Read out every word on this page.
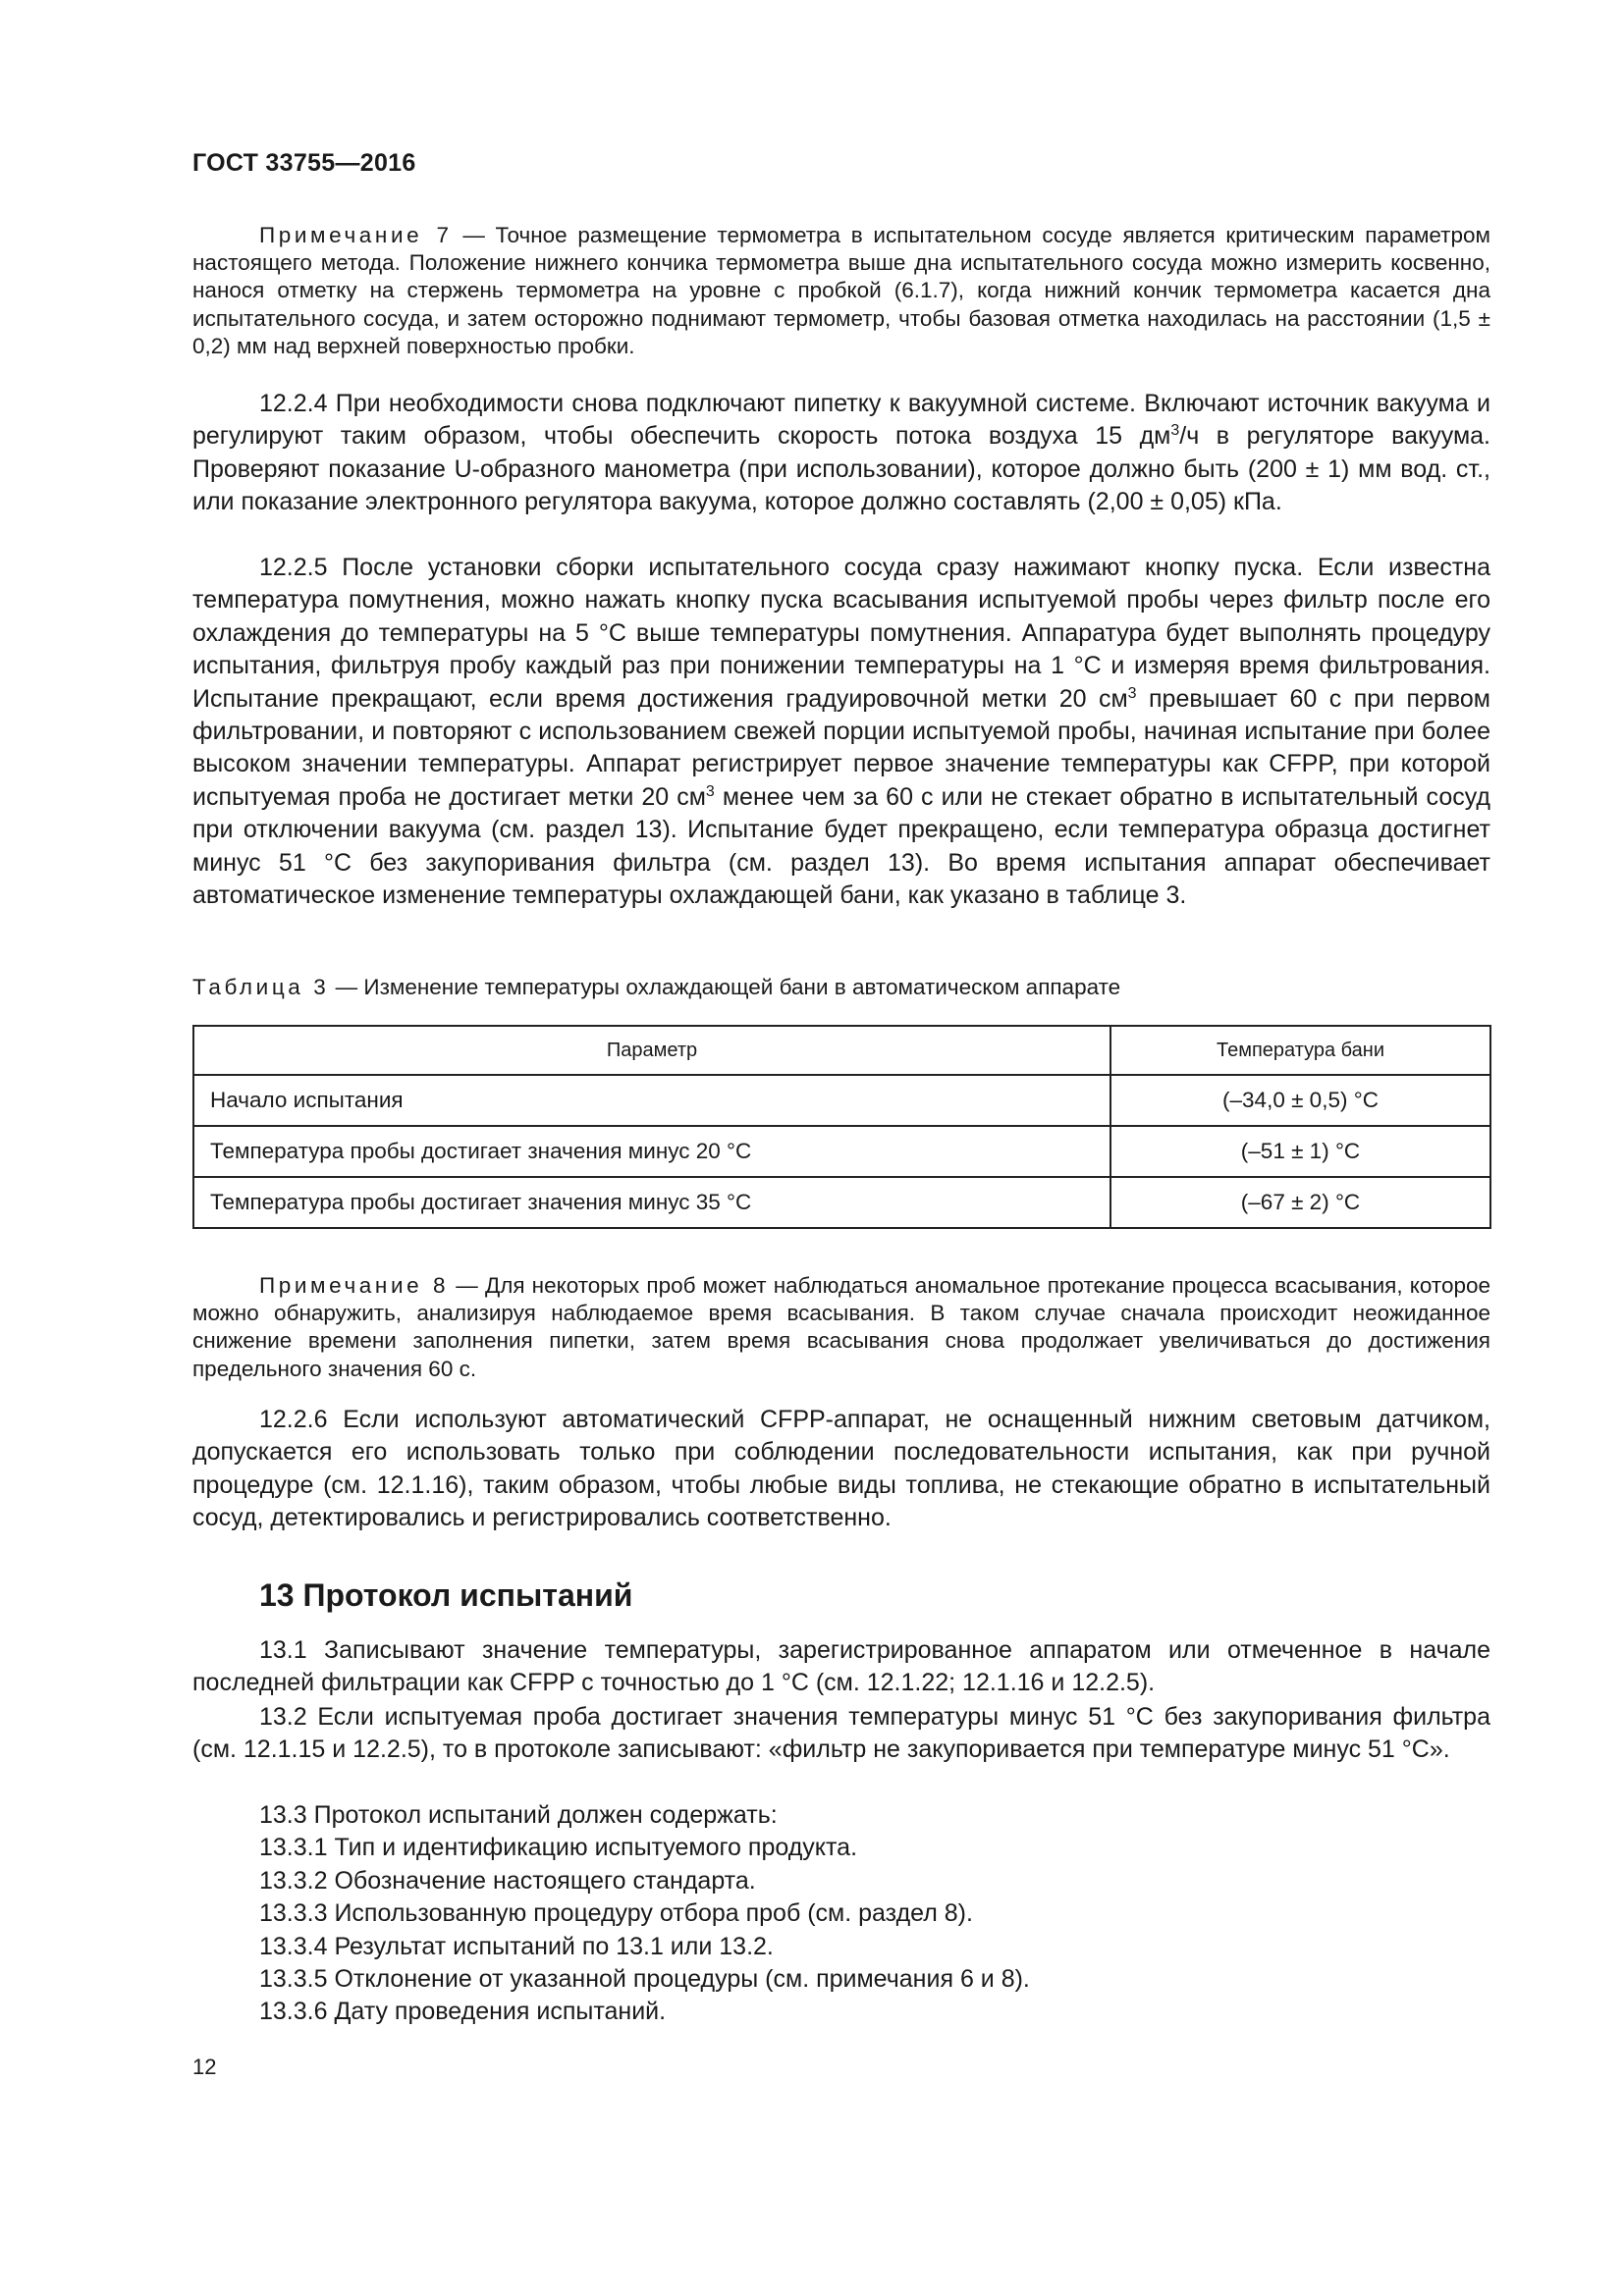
ГОСТ 33755—2016

Примечание 7 — Точное размещение термометра в испытательном сосуде является критическим параметром настоящего метода. Положение нижнего кончика термометра выше дна испытательного сосуда можно измерить косвенно, нанося отметку на стержень термометра на уровне с пробкой (6.1.7), когда нижний кончик термометра касается дна испытательного сосуда, и затем осторожно поднимают термометр, чтобы базовая отметка находилась на расстоянии (1,5 ± 0,2) мм над верхней поверхностью пробки.

12.2.4 При необходимости снова подключают пипетку к вакуумной системе. Включают источник вакуума и регулируют таким образом, чтобы обеспечить скорость потока воздуха 15 $дм^3/ч$ в регуляторе вакуума. Проверяют показание U-образного манометра (при использовании), которое должно быть (200 ± 1) мм вод. ст., или показание электронного регулятора вакуума, которое должно составлять (2,00 ± 0,05) кПа.

12.2.5 После установки сборки испытательного сосуда сразу нажимают кнопку пуска. Если известна температура помутнения, можно нажать кнопку пуска всасывания испытуемой пробы через фильтр после его охлаждения до температуры на 5 °С выше температуры помутнения. Аппаратура будет выполнять процедуру испытания, фильтруя пробу каждый раз при понижении температуры на 1 °С и измеряя время фильтрования. Испытание прекращают, если время достижения градуировочной метки 20 $см^3$ превышает 60 с при первом фильтровании, и повторяют с использованием свежей порции испытуемой пробы, начиная испытание при более высоком значении температуры. Аппарат регистрирует первое значение температуры как CFPP, при которой испытуемая проба не достигает метки 20 $см^3$ менее чем за 60 с или не стекает обратно в испытательный сосуд при отключении вакуума (см. раздел 13). Испытание будет прекращено, если температура образца достигнет минус 51 °С без закупоривания фильтра (см. раздел 13). Во время испытания аппарат обеспечивает автоматическое изменение температуры охлаждающей бани, как указано в таблице 3.

Таблица 3 — Изменение температуры охлаждающей бани в автоматическом аппарате
Параметр	Температура бани
Начало испытания	(–34,0 ± 0,5) °С
Температура пробы достигает значения минус 20 °С	(–51 ± 1) °С
Температура пробы достигает значения минус 35 °С	(–67 ± 2) °С

Примечание 8 — Для некоторых проб может наблюдаться аномальное протекание процесса всасывания, которое можно обнаружить, анализируя наблюдаемое время всасывания. В таком случае сначала происходит неожиданное снижение времени заполнения пипетки, затем время всасывания снова продолжает увеличиваться до достижения предельного значения 60 с.

12.2.6 Если используют автоматический CFPP-аппарат, не оснащенный нижним световым датчиком, допускается его использовать только при соблюдении последовательности испытания, как при ручной процедуре (см. 12.1.16), таким образом, чтобы любые виды топлива, не стекающие обратно в испытательный сосуд, детектировались и регистрировались соответственно.

13 Протокол испытаний

13.1 Записывают значение температуры, зарегистрированное аппаратом или отмеченное в начале последней фильтрации как CFPP с точностью до 1 °С (см. 12.1.22; 12.1.16 и 12.2.5).

13.2 Если испытуемая проба достигает значения температуры минус 51 °С без закупоривания фильтра (см. 12.1.15 и 12.2.5), то в протоколе записывают: «фильтр не закупоривается при температуре минус 51 °С».

13.3 Протокол испытаний должен содержать:
13.3.1 Тип и идентификацию испытуемого продукта.
13.3.2 Обозначение настоящего стандарта.
13.3.3 Использованную процедуру отбора проб (см. раздел 8).
13.3.4 Результат испытаний по 13.1 или 13.2.
13.3.5 Отклонение от указанной процедуры (см. примечания 6 и 8).
13.3.6 Дату проведения испытаний.
12
